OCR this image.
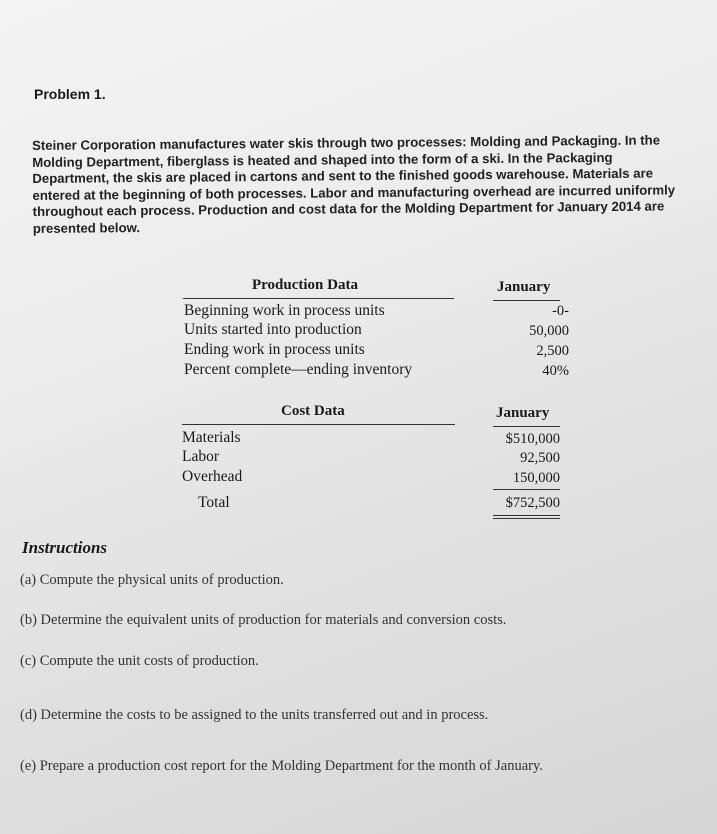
Problem 1.

Steiner Corporation manufactures water skis through two processes: Molding and Packaging. In the

Molding Department, fiberglass is heated and shaped into the form of a ski. In the Packaging

Department, the skis are placed in cartons and sent to the finished goods warehouse. Materials are

entered at the beginning of both processes. Labor and manufacturing overhead are incurred uniformly

throughout each process. Production and cost data for the Molding Department for January 2014 are

presented below.

Production Data	January
Beginning work in process units
Units started into production
Ending work in process units
Percent complete—ending inventory
-0-
50,000
2,500
40%
Cost Data	January
Materials
Labor
Overhead
Total
$510,000
92,500
150,000
$752,500
Instructions
(a) Compute the physical units of production.
(b) Determine the equivalent units of production for materials and conversion costs.
(c) Compute the unit costs of production.
(d) Determine the costs to be assigned to the units transferred out and in process.
(e) Prepare a production cost report for the Molding Department for the month of January.
